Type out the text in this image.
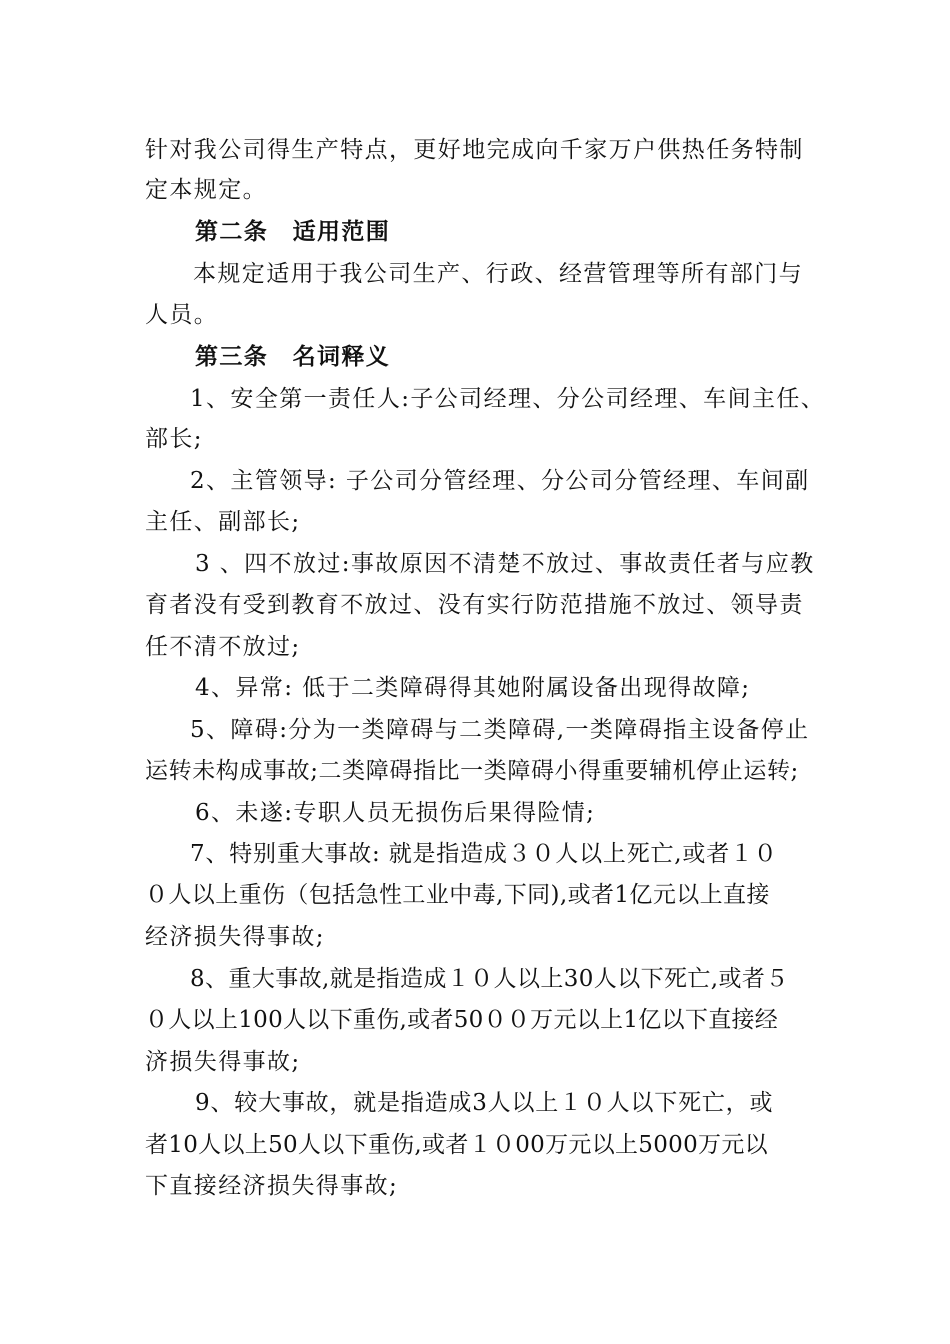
针对我公司得生产特点，更好地完成向千家万户供热任务特制
定本规定。
第二条　适用范围
本规定适用于我公司生产、行政、经营管理等所有部门与
人员。
第三条　名词释义
1、安全第一责任人:子公司经理、分公司经理、车间主任、
部长;
2、主管领导: 子公司分管经理、分公司分管经理、车间副
主任、副部长;
3 、四不放过:事故原因不清楚不放过、事故责任者与应教
育者没有受到教育不放过、没有实行防范措施不放过、领导责
任不清不放过;
4、异常: 低于二类障碍得其她附属设备出现得故障;
5、障碍:分为一类障碍与二类障碍,一类障碍指主设备停止
运转未构成事故;二类障碍指比一类障碍小得重要辅机停止运转;
6、未遂:专职人员无损伤后果得险情;
7、特别重大事故: 就是指造成３０人以上死亡,或者１０
０人以上重伤（包括急性工业中毒,下同),或者1亿元以上直接
经济损失得事故;
8、重大事故,就是指造成１０人以上30人以下死亡,或者５
０人以上100人以下重伤,或者50００万元以上1亿以下直接经
济损失得事故;
9、较大事故，就是指造成3人以上１０人以下死亡，或
者10人以上50人以下重伤,或者１０00万元以上5000万元以
下直接经济损失得事故;
